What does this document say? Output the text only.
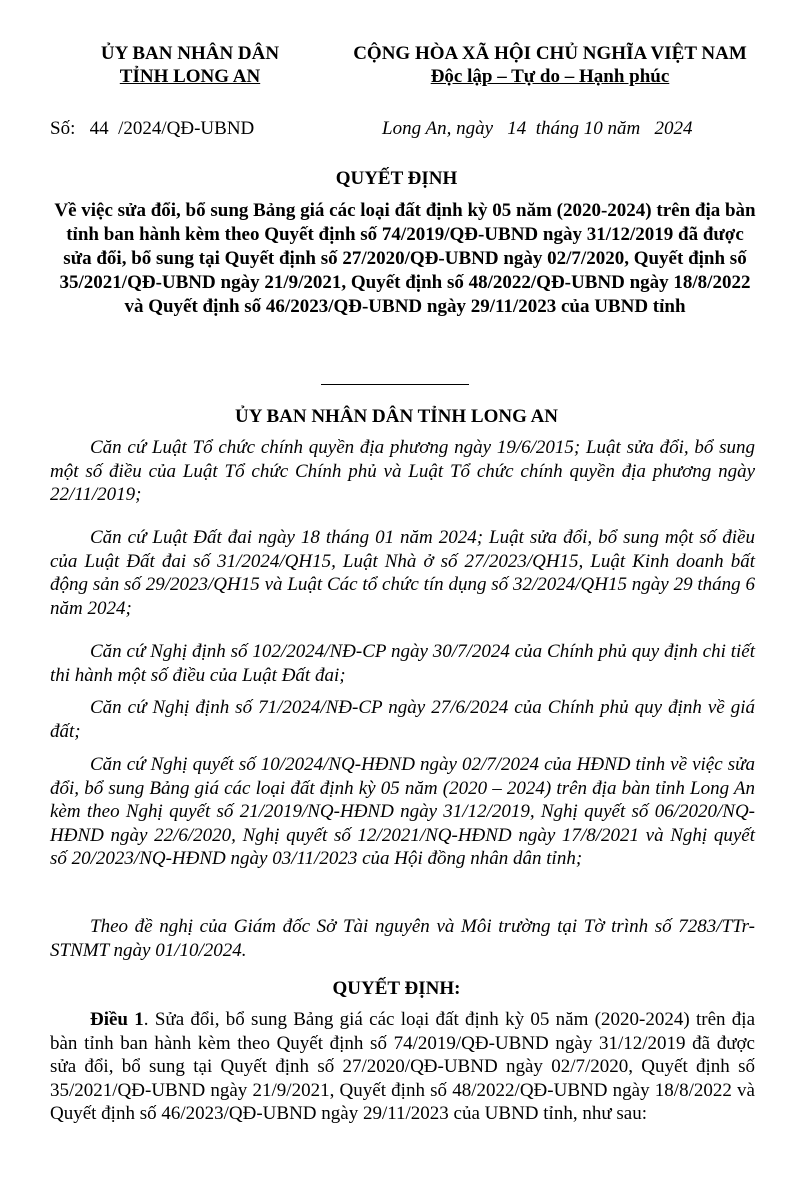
ỦY BAN NHÂN DÂN
TỈNH LONG AN
CỘNG HÒA XÃ HỘI CHỦ NGHĨA VIỆT NAM
Độc lập – Tự do – Hạnh phúc
Số:   44  /2024/QĐ-UBND	Long An, ngày   14  tháng 10 năm   2024
QUYẾT ĐỊNH
Về việc sửa đổi, bổ sung Bảng giá các loại đất định kỳ 05 năm (2020-2024) trên địa bàn tỉnh ban hành kèm theo Quyết định số 74/2019/QĐ-UBND ngày 31/12/2019 đã được sửa đổi, bổ sung tại Quyết định số 27/2020/QĐ-UBND ngày 02/7/2020, Quyết định số 35/2021/QĐ-UBND ngày 21/9/2021, Quyết định số 48/2022/QĐ-UBND ngày 18/8/2022 và Quyết định số 46/2023/QĐ-UBND ngày 29/11/2023 của UBND tỉnh
ỦY BAN NHÂN DÂN TỈNH LONG AN
Căn cứ Luật Tổ chức chính quyền địa phương ngày 19/6/2015; Luật sửa đổi, bổ sung một số điều của Luật Tổ chức Chính phủ và Luật Tổ chức chính quyền địa phương ngày 22/11/2019;
Căn cứ Luật Đất đai ngày 18 tháng 01 năm 2024; Luật sửa đổi, bổ sung một số điều của Luật Đất đai số 31/2024/QH15, Luật Nhà ở số 27/2023/QH15, Luật Kinh doanh bất động sản số 29/2023/QH15 và Luật Các tổ chức tín dụng số 32/2024/QH15 ngày 29 tháng 6 năm 2024;
Căn cứ Nghị định số 102/2024/NĐ-CP ngày 30/7/2024 của Chính phủ quy định chi tiết thi hành một số điều của Luật Đất đai;
Căn cứ Nghị định số 71/2024/NĐ-CP ngày 27/6/2024 của Chính phủ quy định về giá đất;
Căn cứ Nghị quyết số 10/2024/NQ-HĐND ngày 02/7/2024 của HĐND tỉnh về việc sửa đổi, bổ sung Bảng giá các loại đất định kỳ 05 năm (2020 – 2024) trên địa bàn tỉnh Long An kèm theo Nghị quyết số 21/2019/NQ-HĐND ngày 31/12/2019, Nghị quyết số 06/2020/NQ-HĐND ngày 22/6/2020, Nghị quyết số 12/2021/NQ-HĐND ngày 17/8/2021 và Nghị quyết số 20/2023/NQ-HĐND ngày 03/11/2023 của Hội đồng nhân dân tỉnh;
Theo đề nghị của Giám đốc Sở Tài nguyên và Môi trường tại Tờ trình số 7283/TTr-STNMT ngày 01/10/2024.
QUYẾT ĐỊNH:
Điều 1. Sửa đổi, bổ sung Bảng giá các loại đất định kỳ 05 năm (2020-2024) trên địa bàn tỉnh ban hành kèm theo Quyết định số 74/2019/QĐ-UBND ngày 31/12/2019 đã được sửa đổi, bổ sung tại Quyết định số 27/2020/QĐ-UBND ngày 02/7/2020, Quyết định số 35/2021/QĐ-UBND ngày 21/9/2021, Quyết định số 48/2022/QĐ-UBND ngày 18/8/2022 và Quyết định số 46/2023/QĐ-UBND ngày 29/11/2023 của UBND tỉnh, như sau:
